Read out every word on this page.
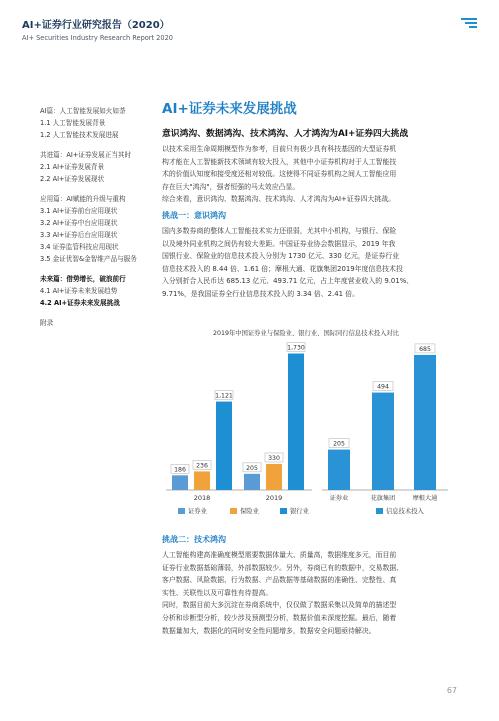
AI+证券行业研究报告（2020）
AI+ Securities Industry Research Report 2020
AI篇：人工智能发展如火如荼
1.1 人工智能发展背景
1.2 人工智能技术发展进展
共进篇：AI+证券发展正当其时
2.1 AI+证券发展背景
2.2 AI+证券发展现状
应用篇：AI赋能的升级与重构
3.1 AI+证券前台应用现状
3.2 AI+证券中台应用现状
3.3 AI+证券后台应用现状
3.4 证券监管科技应用现状
3.5 金证优智&金智维产品与服务
未来篇：借势增长，破浪前行
4.1 AI+证券未来发展趋势
4.2 AI+证券未来发展挑战
附录
AI+证券未来发展挑战
意识鸿沟、数据鸿沟、技术鸿沟、人才鸿沟为AI+证券四大挑战
以技术采用生命周期模型作为参考，目前只有极少具有科技基因的大型证券机
构才能在人工智能新技术领域有较大投入，其他中小证券机构对于人工智能技
术的价值认知度和接受度还相对较低。这使得不同证券机构之间人工智能应用
存在巨大"鸿沟"，强者恒强的马太效应凸显。
综合来看，意识鸿沟、数据鸿沟、技术鸿沟、人才鸿沟为AI+证券四大挑战。
挑战一：意识鸿沟
国内多数券商的整体人工智能技术实力还很弱，尤其中小机构，与银行、保险
以及境外同业机构之间仍有较大差距。中国证券业协会数据显示，2019 年我
国银行业、保险业的信息技术投入分别为 1730 亿元、330 亿元，是证券行业
信息技术投入的 8.44 倍、1.61 倍；摩根大通、花旗集团2019年度信息技术投
入分别折合人民币达 685.13 亿元、493.71 亿元，占上年度营业收入的 9.01%、
9.71%，是我国证券全行业信息技术投入的 3.34 倍、2.41 倍。
2019年中国证券业与保险业、银行业、国际同行信息技术投入对比
186
236
1,121
2018
205
330
1,730
2019
205
证券业
494
花旗集团
685
摩根大通
证券业	保险业	银行业	信息技术投入
挑战二：技术鸿沟
人工智能构建高准确度模型需要数据体量大、质量高，数据维度多元，而目前
证券行业数据基础薄弱，外部数据较少。另外，券商已有的数据中，交易数据、
客户数据、风险数据、行为数据、产品数据等基础数据的准确性、完整性、真
实性、关联性以及可靠性有待提高。
同时，数据目前大多沉淀在券商系统中，仅仅做了数据采集以及简单的描述型
分析和诊断型分析，较少涉及预测型分析，数据价值未深度挖掘。最后，随着
数据量加大，数据化的同时安全性问题增多，数据安全问题亟待解决。
67
